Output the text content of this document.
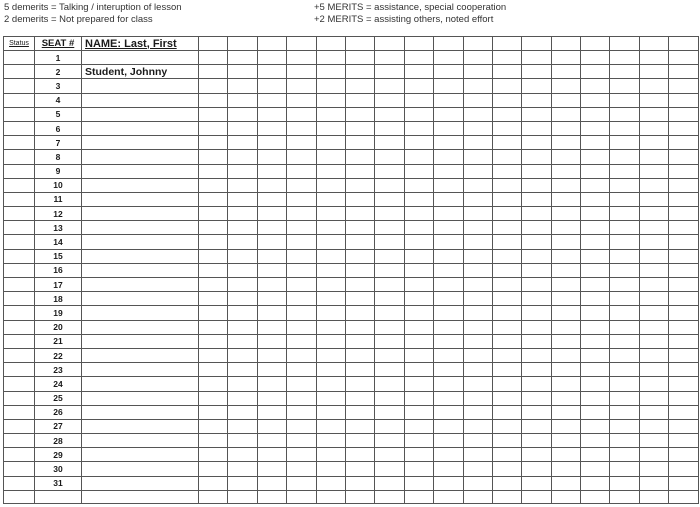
5 demerits = Talking / interuption of lesson
2 demerits = Not prepared for class
+5 MERITS = assistance, special cooperation
+2 MERITS = assisting others, noted effort
Status	SEAT #	NAME: Last, First																	
	1																		
	2	Student, Johnny																	
	3																		
	4																		
	5																		
	6																		
	7																		
	8																		
	9																		
	10																		
	11																		
	12																		
	13																		
	14																		
	15																		
	16																		
	17																		
	18																		
	19																		
	20																		
	21																		
	22																		
	23																		
	24																		
	25																		
	26																		
	27																		
	28																		
	29																		
	30																		
	31																		
